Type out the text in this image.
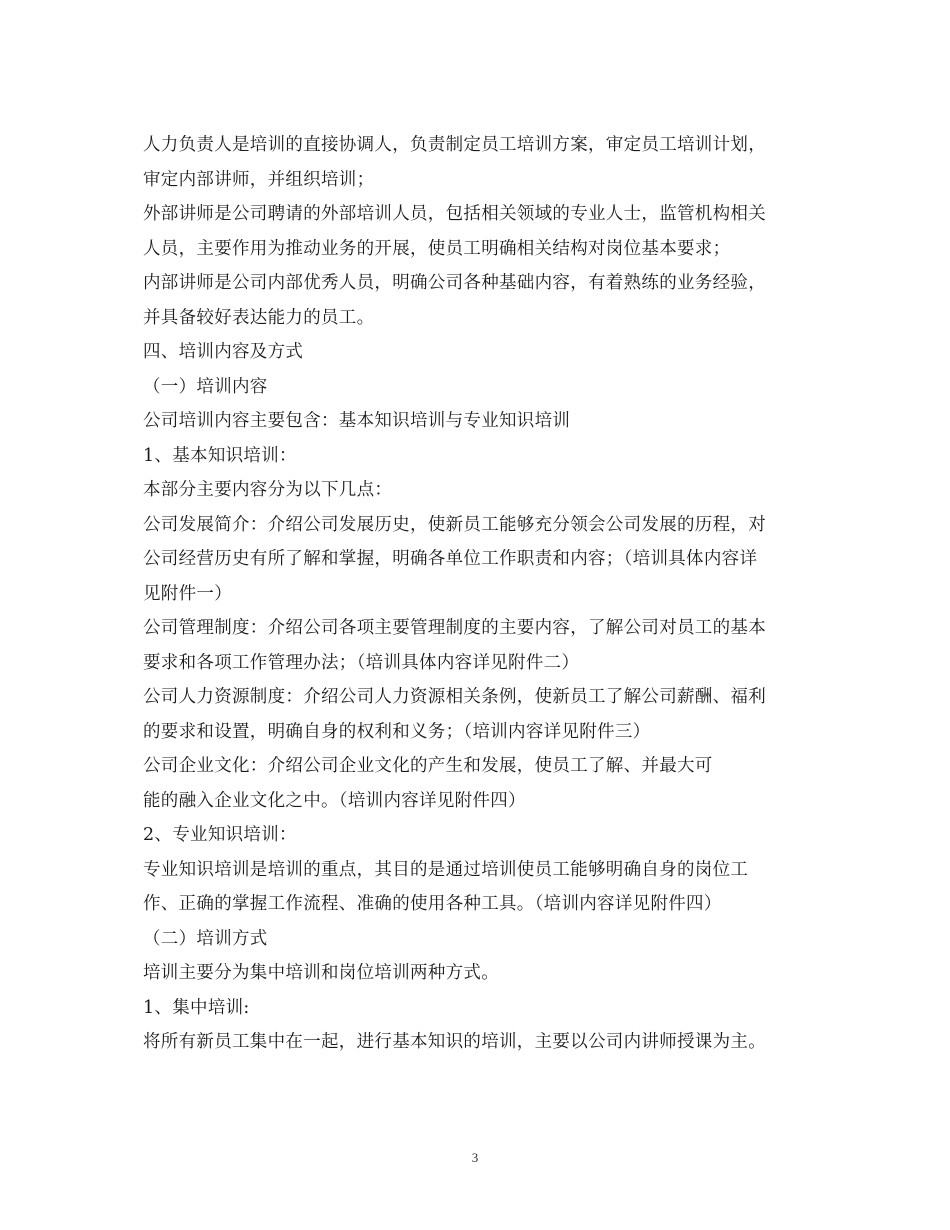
人力负责人是培训的直接协调人，负责制定员工培训方案，审定员工培训计划，
审定内部讲师，并组织培训；
外部讲师是公司聘请的外部培训人员，包括相关领域的专业人士，监管机构相关
人员，主要作用为推动业务的开展，使员工明确相关结构对岗位基本要求；
内部讲师是公司内部优秀人员，明确公司各种基础内容，有着熟练的业务经验，
并具备较好表达能力的员工。
四、培训内容及方式
（一）培训内容
公司培训内容主要包含：基本知识培训与专业知识培训
1、基本知识培训：
本部分主要内容分为以下几点：
公司发展简介：介绍公司发展历史，使新员工能够充分领会公司发展的历程，对
公司经营历史有所了解和掌握，明确各单位工作职责和内容；（培训具体内容详
见附件一）
公司管理制度：介绍公司各项主要管理制度的主要内容，了解公司对员工的基本
要求和各项工作管理办法；（培训具体内容详见附件二）
公司人力资源制度：介绍公司人力资源相关条例，使新员工了解公司薪酬、福利
的要求和设置，明确自身的权利和义务；（培训内容详见附件三）
公司企业文化：介绍公司企业文化的产生和发展，使员工了解、并最大可
能的融入企业文化之中。（培训内容详见附件四）
2、专业知识培训：
专业知识培训是培训的重点，其目的是通过培训使员工能够明确自身的岗位工
作、正确的掌握工作流程、准确的使用各种工具。（培训内容详见附件四）
（二）培训方式
培训主要分为集中培训和岗位培训两种方式。
1、集中培训:
将所有新员工集中在一起，进行基本知识的培训，主要以公司内讲师授课为主。
3
